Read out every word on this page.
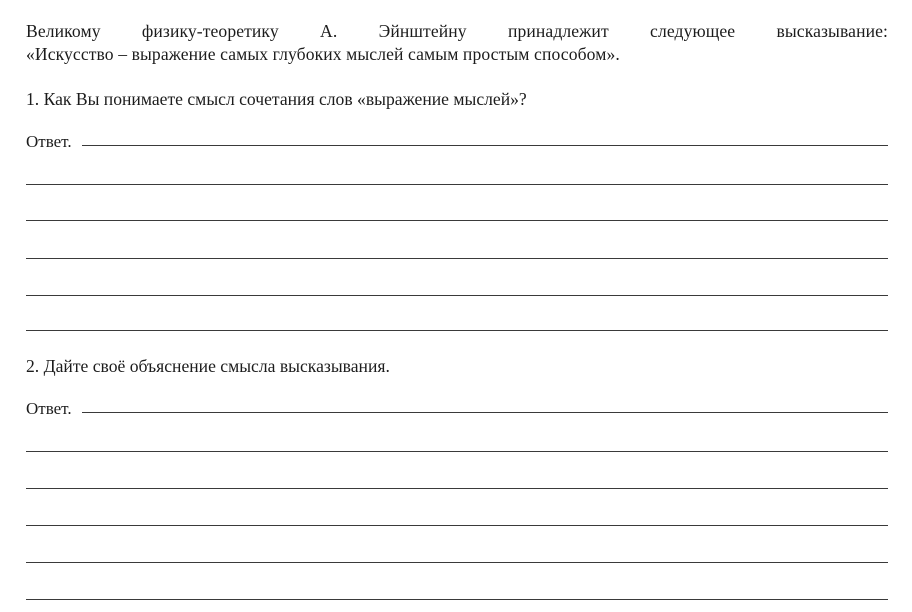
Великому физику-теоретику А. Эйнштейну принадлежит следующее высказывание:
«Искусство – выражение самых глубоких мыслей самым простым способом».
1. Как Вы понимаете смысл сочетания слов «выражение мыслей»?
Ответ.
2. Дайте своё объяснение смысла высказывания.
Ответ.
